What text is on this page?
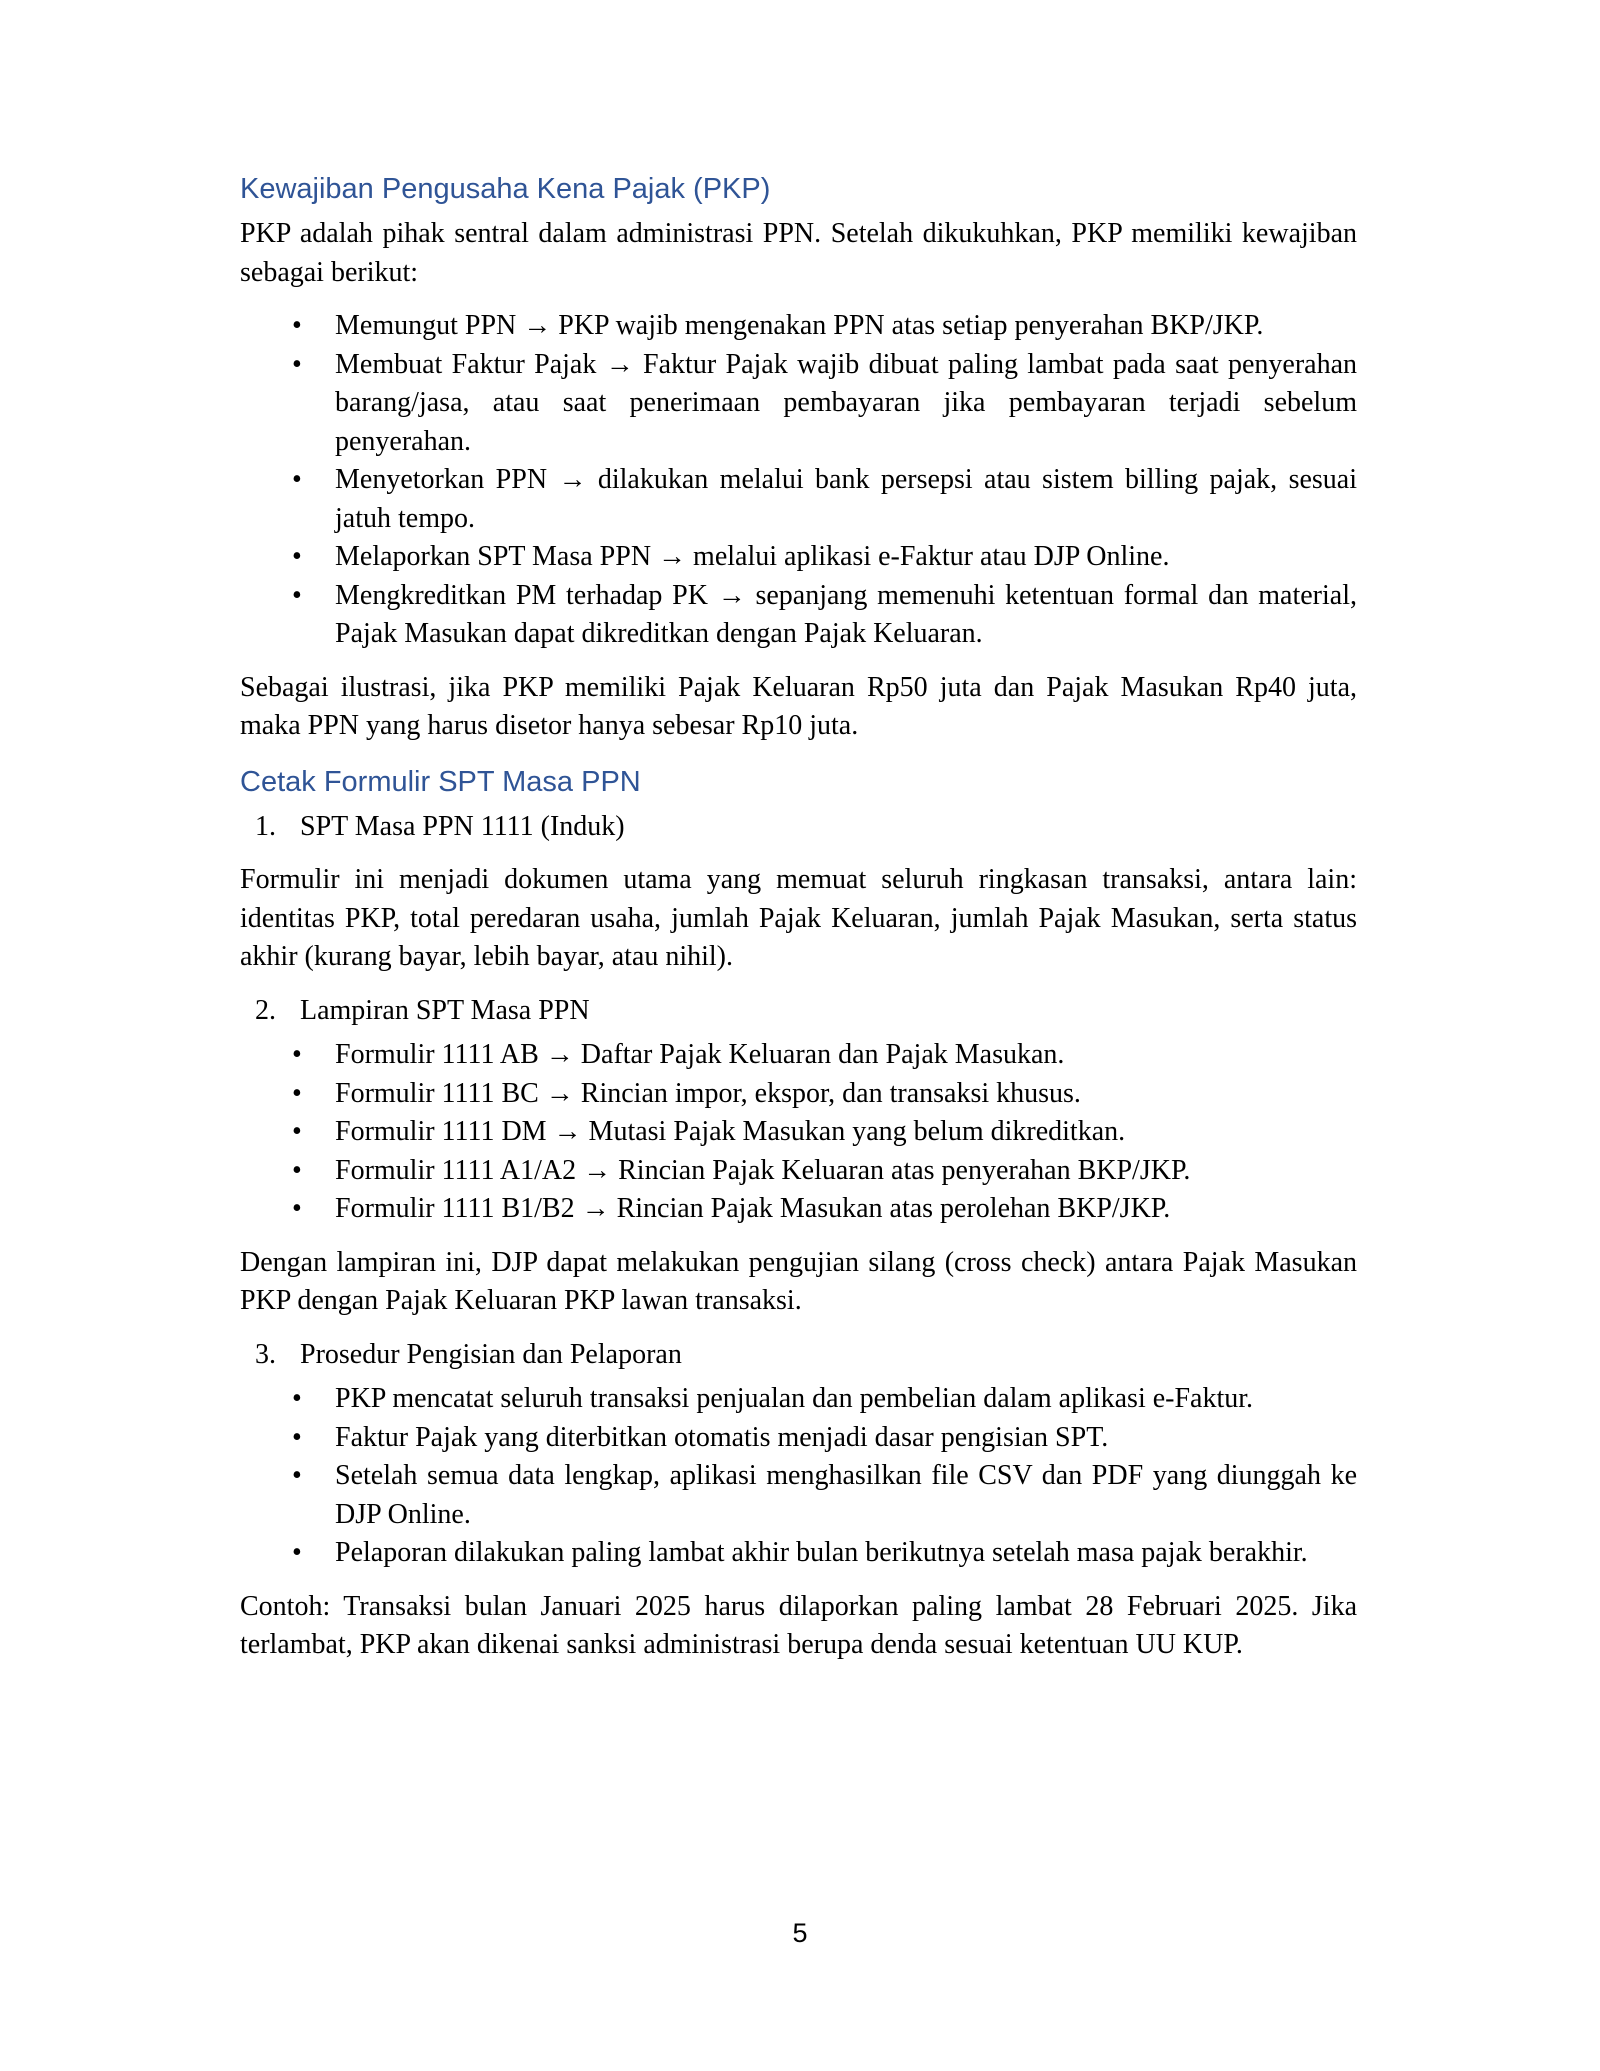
Kewajiban Pengusaha Kena Pajak (PKP)

PKP adalah pihak sentral dalam administrasi PPN. Setelah dikukuhkan, PKP memiliki kewajiban sebagai berikut:

• Memungut PPN → PKP wajib mengenakan PPN atas setiap penyerahan BKP/JKP.
• Membuat Faktur Pajak → Faktur Pajak wajib dibuat paling lambat pada saat penyerahan barang/jasa, atau saat penerimaan pembayaran jika pembayaran terjadi sebelum penyerahan.
• Menyetorkan PPN → dilakukan melalui bank persepsi atau sistem billing pajak, sesuai jatuh tempo.
• Melaporkan SPT Masa PPN → melalui aplikasi e-Faktur atau DJP Online.
• Mengkreditkan PM terhadap PK → sepanjang memenuhi ketentuan formal dan material, Pajak Masukan dapat dikreditkan dengan Pajak Keluaran.

Sebagai ilustrasi, jika PKP memiliki Pajak Keluaran Rp50 juta dan Pajak Masukan Rp40 juta, maka PPN yang harus disetor hanya sebesar Rp10 juta.

Cetak Formulir SPT Masa PPN
1. SPT Masa PPN 1111 (Induk)

Formulir ini menjadi dokumen utama yang memuat seluruh ringkasan transaksi, antara lain: identitas PKP, total peredaran usaha, jumlah Pajak Keluaran, jumlah Pajak Masukan, serta status akhir (kurang bayar, lebih bayar, atau nihil).

2. Lampiran SPT Masa PPN
• Formulir 1111 AB → Daftar Pajak Keluaran dan Pajak Masukan.
• Formulir 1111 BC → Rincian impor, ekspor, dan transaksi khusus.
• Formulir 1111 DM → Mutasi Pajak Masukan yang belum dikreditkan.
• Formulir 1111 A1/A2 → Rincian Pajak Keluaran atas penyerahan BKP/JKP.
• Formulir 1111 B1/B2 → Rincian Pajak Masukan atas perolehan BKP/JKP.

Dengan lampiran ini, DJP dapat melakukan pengujian silang (cross check) antara Pajak Masukan PKP dengan Pajak Keluaran PKP lawan transaksi.

3. Prosedur Pengisian dan Pelaporan
• PKP mencatat seluruh transaksi penjualan dan pembelian dalam aplikasi e-Faktur.
• Faktur Pajak yang diterbitkan otomatis menjadi dasar pengisian SPT.
• Setelah semua data lengkap, aplikasi menghasilkan file CSV dan PDF yang diunggah ke DJP Online.
• Pelaporan dilakukan paling lambat akhir bulan berikutnya setelah masa pajak berakhir.

Contoh: Transaksi bulan Januari 2025 harus dilaporkan paling lambat 28 Februari 2025. Jika terlambat, PKP akan dikenai sanksi administrasi berupa denda sesuai ketentuan UU KUP.

5
